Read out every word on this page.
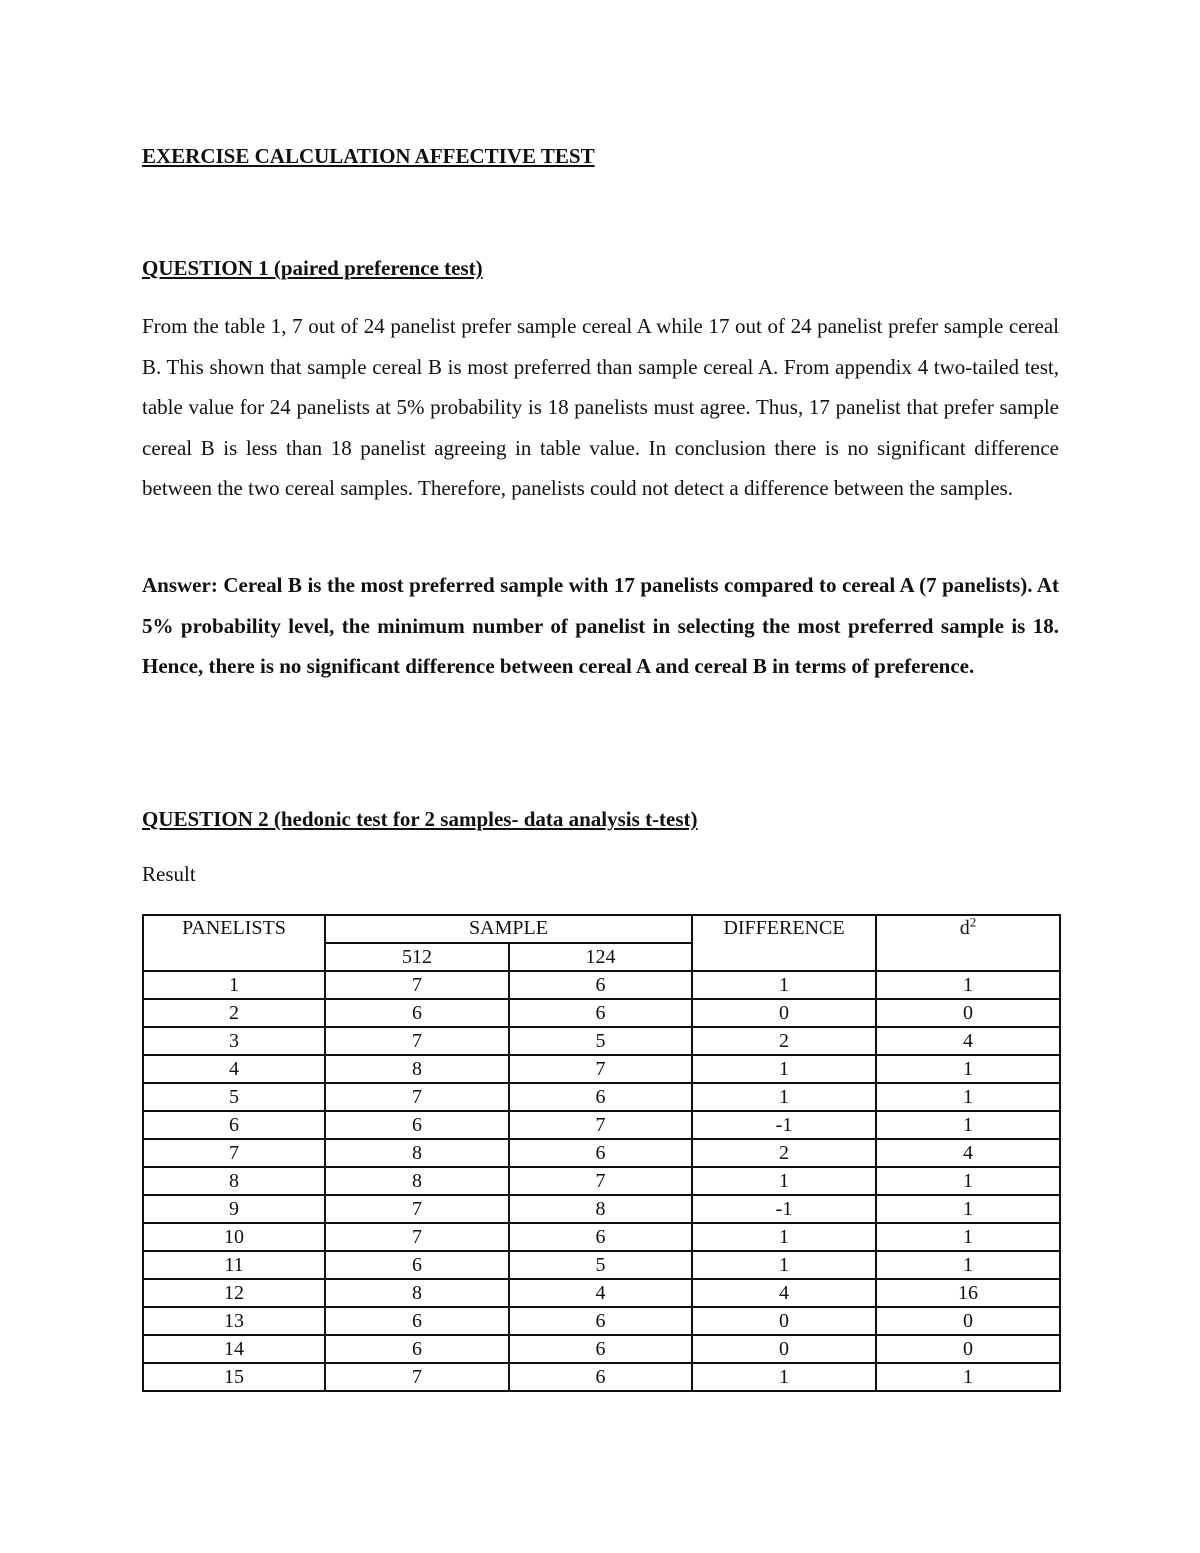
EXERCISE CALCULATION AFFECTIVE TEST
QUESTION 1 (paired preference test)

From the table 1, 7 out of 24 panelist prefer sample cereal A while 17 out of 24 panelist prefer sample cereal B. This shown that sample cereal B is most preferred than sample cereal A. From appendix 4 two-tailed test, table value for 24 panelists at 5% probability is 18 panelists must agree. Thus, 17 panelist that prefer sample cereal B is less than 18 panelist agreeing in table value. In conclusion there is no significant difference between the two cereal samples. Therefore, panelists could not detect a difference between the samples.

Answer: Cereal B is the most preferred sample with 17 panelists compared to cereal A (7 panelists). At 5% probability level, the minimum number of panelist in selecting the most preferred sample is 18. Hence, there is no significant difference between cereal A and cereal B in terms of preference.

QUESTION 2 (hedonic test for 2 samples- data analysis t-test)
Result
PANELISTS	SAMPLE		DIFFERENCE	$d^2$
	512	124		
1	7	6	1	1
2	6	6	0	0
3	7	5	2	4
4	8	7	1	1
5	7	6	1	1
6	6	7	-1	1
7	8	6	2	4
8	8	7	1	1
9	7	8	-1	1
10	7	6	1	1
11	6	5	1	1
12	8	4	4	16
13	6	6	0	0
14	6	6	0	0
15	7	6	1	1
